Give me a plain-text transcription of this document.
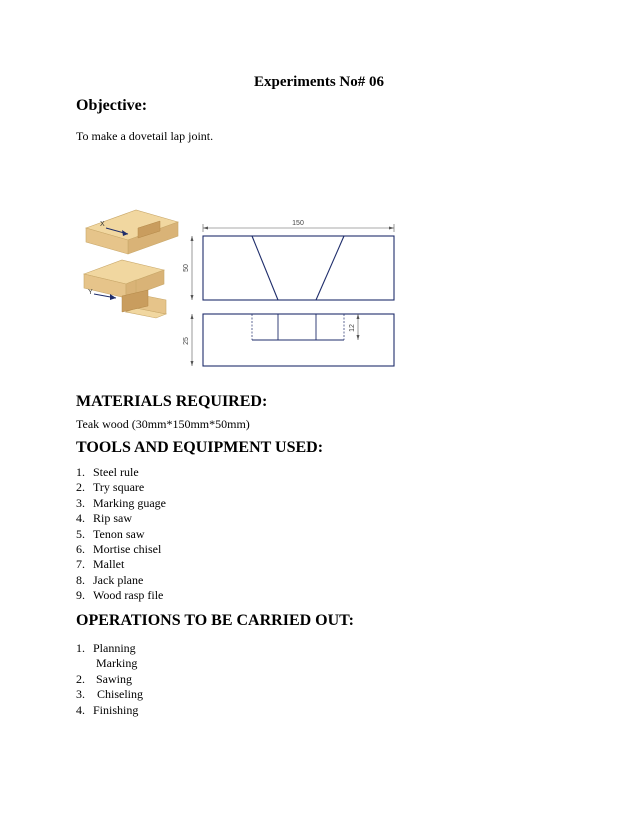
Experiments No# 06
Objective:
To make a dovetail lap joint.
X
Y
150
50
25
12
MATERIALS REQUIRED:
Teak wood (30mm*150mm*50mm)
TOOLS AND EQUIPMENT USED:
1. Steel rule
2. Try square
3. Marking guage
4. Rip saw
5. Tenon saw
6. Mortise chisel
7. Mallet
8. Jack plane
9. Wood rasp file
OPERATIONS TO BE CARRIED OUT:
1. Planning
Marking
2. Sawing
3.	Chiseling
4. Finishing
